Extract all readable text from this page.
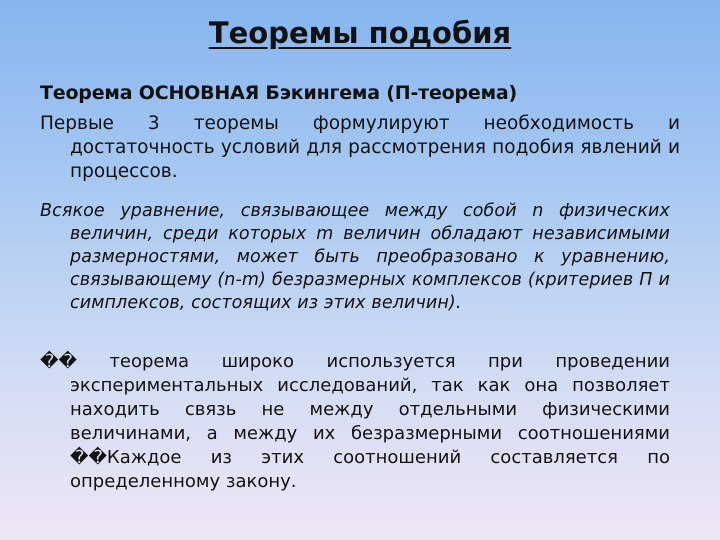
Теоремы подобия
Теорема ОСНОВНАЯ Бэкингема (П-теорема)
Первые 3 теоремы формулируют необходимость и достаточность условий для рассмотрения подобия явлений и процессов.
Всякое уравнение, связывающее между собой n физических величин, среди которых m величин обладают независимыми размерностями, может быть преобразовано к уравнению, связывающему (n-m) безразмерных комплексов (критериев П и симплексов, состоящих из этих величин).
�� теорема широко используется при проведении экспериментальных исследований, так как она позволяет находить связь не между отдельными физическими величинами, а между их безразмерными соотношениями ��Каждое из этих соотношений составляется по определенному закону.
